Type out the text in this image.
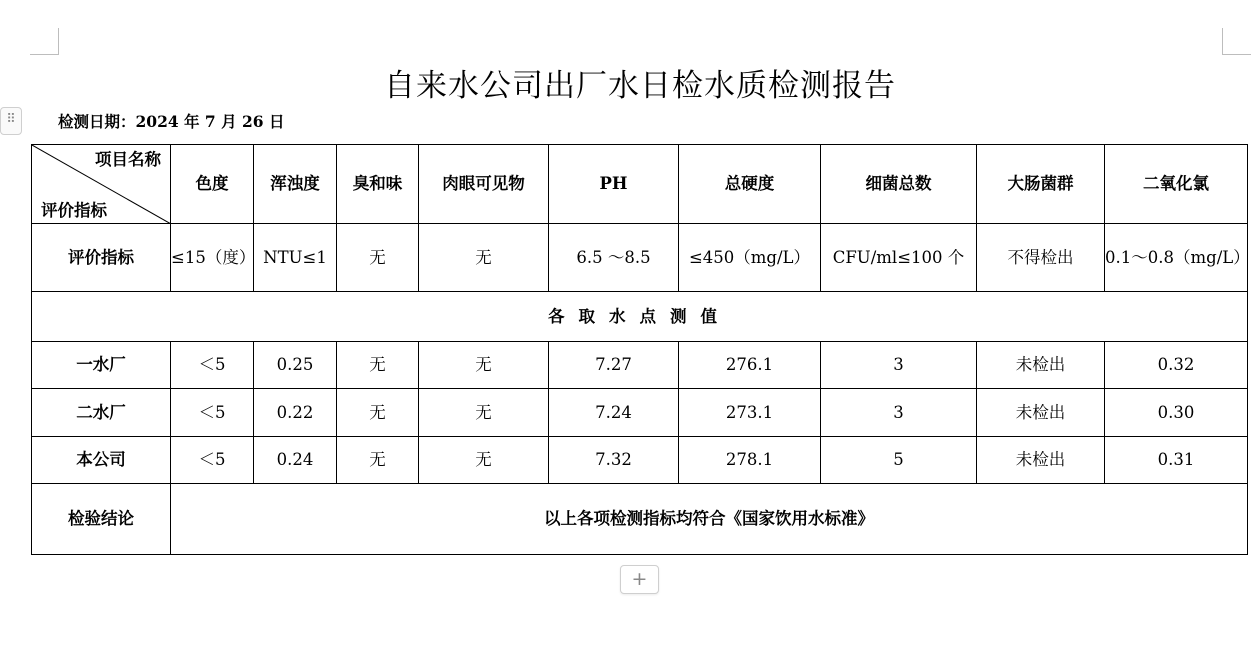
⠿
自来水公司出厂水日检水质检测报告
检测日期：2024 年 7 月 26 日
项目名称
评价指标	色度	浑浊度	臭和味	肉眼可见物	PH	总硬度	细菌总数	大肠菌群	二氧化氯
评价指标	≤15（度）	NTU≤1	无	无	6.5 ～8.5	≤450（mg/L）	CFU/ml≤100 个	不得检出	0.1～0.8（mg/L）
各取水点测值									
一水厂	＜5	0.25	无	无	7.27	276.1	3	未检出	0.32
二水厂	＜5	0.22	无	无	7.24	273.1	3	未检出	0.30
本公司	＜5	0.24	无	无	7.32	278.1	5	未检出	0.31
检验结论	以上各项检测指标均符合《国家饮用水标准》								
+
